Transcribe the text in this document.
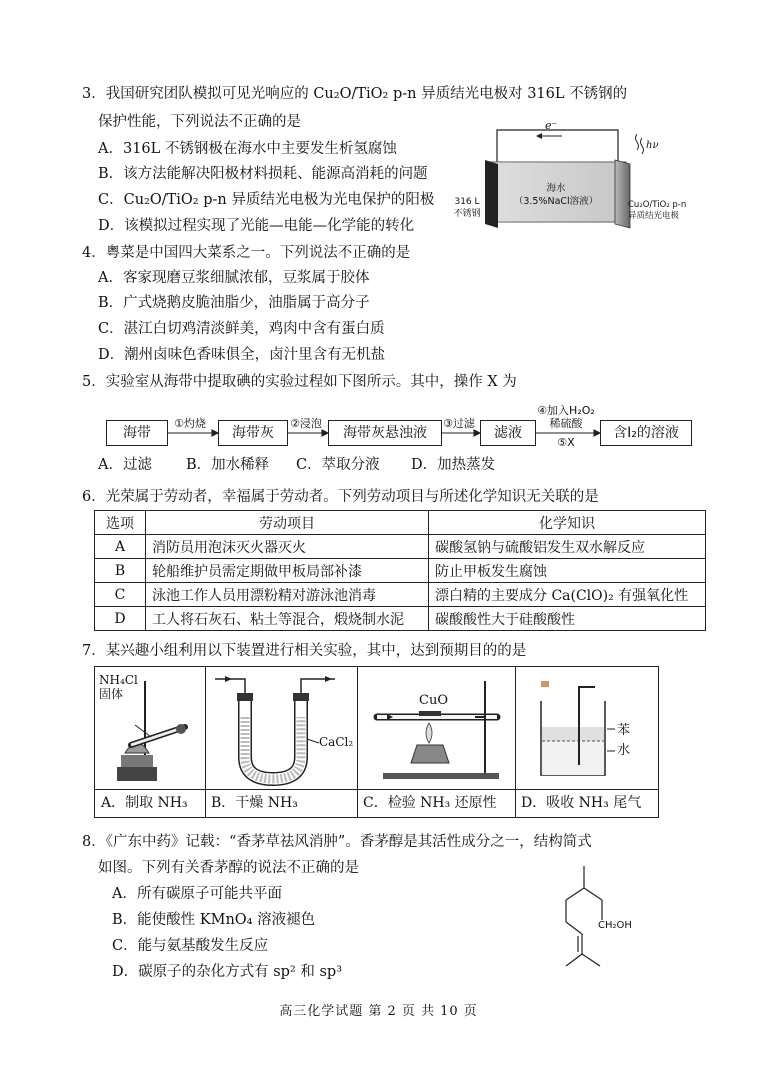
3．我国研究团队模拟可见光响应的 Cu₂O/TiO₂ p-n 异质结光电极对 316L 不锈钢的
保护性能，下列说法不正确的是
A．316L 不锈钢极在海水中主要发生析氢腐蚀
B．该方法能解决阳极材料损耗、能源高消耗的问题
C．Cu₂O/TiO₂ p-n 异质结光电极为光电保护的阳极
D．该模拟过程实现了光能—电能—化学能的转化
e⁻
hν
316 L
不锈钢
海水
（3.5%NaCl溶液）	Cu₂O/TiO₂ p-n
异质结光电极
4．粤菜是中国四大菜系之一。下列说法不正确的是
A．客家现磨豆浆细腻浓郁，豆浆属于胶体
B．广式烧鹅皮脆油脂少，油脂属于高分子
C．湛江白切鸡清淡鲜美，鸡肉中含有蛋白质
D．潮州卤味色香味俱全，卤汁里含有无机盐
5．实验室从海带中提取碘的实验过程如下图所示。其中，操作 X 为
海带	海带灰	海带灰悬浊液	滤液	含I₂的溶液
①灼烧	②浸泡	③过滤
④加入H₂O₂
稀硫酸
⑤X
A．过滤 B．加水稀释 C．萃取分液 D．加热蒸发
6．光荣属于劳动者，幸福属于劳动者。下列劳动项目与所述化学知识无关联的是
选项	劳动项目	化学知识
A	消防员用泡沫灭火器灭火	碳酸氢钠与硫酸铝发生双水解反应
B	轮船维护员需定期做甲板局部补漆	防止甲板发生腐蚀
C	泳池工作人员用漂粉精对游泳池消毒	漂白精的主要成分 Ca(ClO)₂ 有强氧化性
D	工人将石灰石、粘土等混合，煅烧制水泥	碳酸酸性大于硅酸酸性
7．某兴趣小组利用以下装置进行相关实验，其中，达到预期目的的是
NH₄Cl
固体
A．制取 NH₃
CaCl₂
B．干燥 NH₃
CuO
C．检验 NH₃ 还原性
苯
水
D．吸收 NH₃ 尾气
8．《广东中药》记载：“香茅草祛风消肿”。香茅醇是其活性成分之一，结构简式
如图。下列有关香茅醇的说法不正确的是
A．所有碳原子可能共平面
B．能使酸性 KMnO₄ 溶液褪色
C．能与氨基酸发生反应
D．碳原子的杂化方式有 sp² 和 sp³
CH₂OH
高三化学试题 第 2 页 共 10 页
